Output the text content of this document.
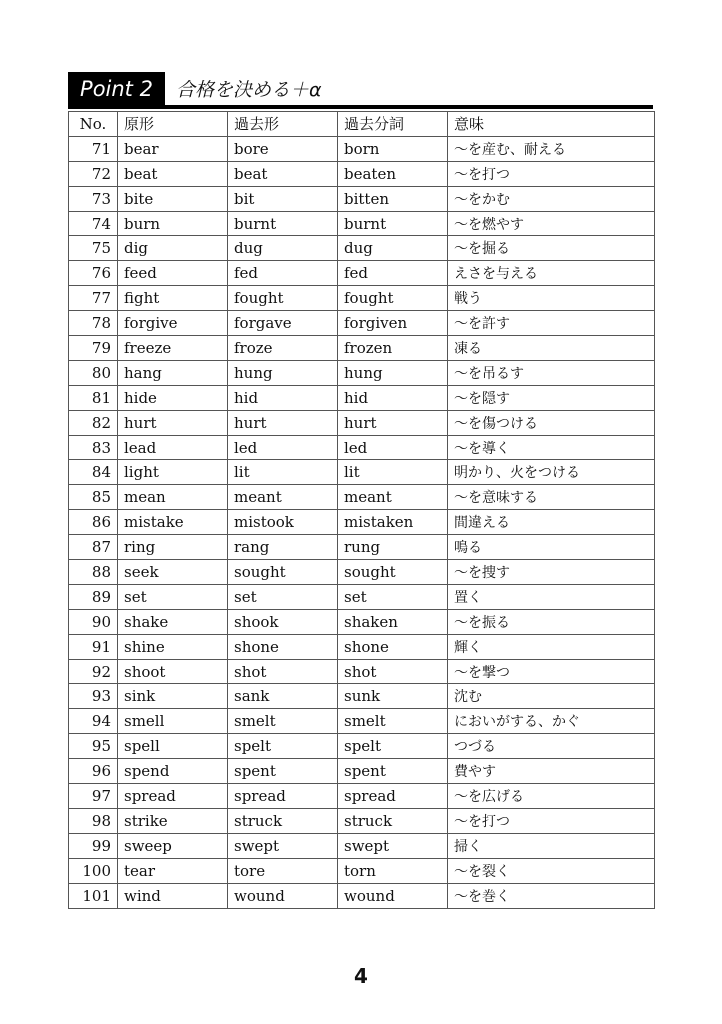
Point 2	合格を決める＋α
No.	原形	過去形	過去分詞	意味
71	bear	bore	born	～を産む、耐える
72	beat	beat	beaten	～を打つ
73	bite	bit	bitten	～をかむ
74	burn	burnt	burnt	～を燃やす
75	dig	dug	dug	～を掘る
76	feed	fed	fed	えさを与える
77	fight	fought	fought	戦う
78	forgive	forgave	forgiven	～を許す
79	freeze	froze	frozen	凍る
80	hang	hung	hung	～を吊るす
81	hide	hid	hid	～を隠す
82	hurt	hurt	hurt	～を傷つける
83	lead	led	led	～を導く
84	light	lit	lit	明かり、火をつける
85	mean	meant	meant	～を意味する
86	mistake	mistook	mistaken	間違える
87	ring	rang	rung	鳴る
88	seek	sought	sought	～を捜す
89	set	set	set	置く
90	shake	shook	shaken	～を振る
91	shine	shone	shone	輝く
92	shoot	shot	shot	～を撃つ
93	sink	sank	sunk	沈む
94	smell	smelt	smelt	においがする、かぐ
95	spell	spelt	spelt	つづる
96	spend	spent	spent	費やす
97	spread	spread	spread	～を広げる
98	strike	struck	struck	～を打つ
99	sweep	swept	swept	掃く
100	tear	tore	torn	～を裂く
101	wind	wound	wound	～を巻く
4
